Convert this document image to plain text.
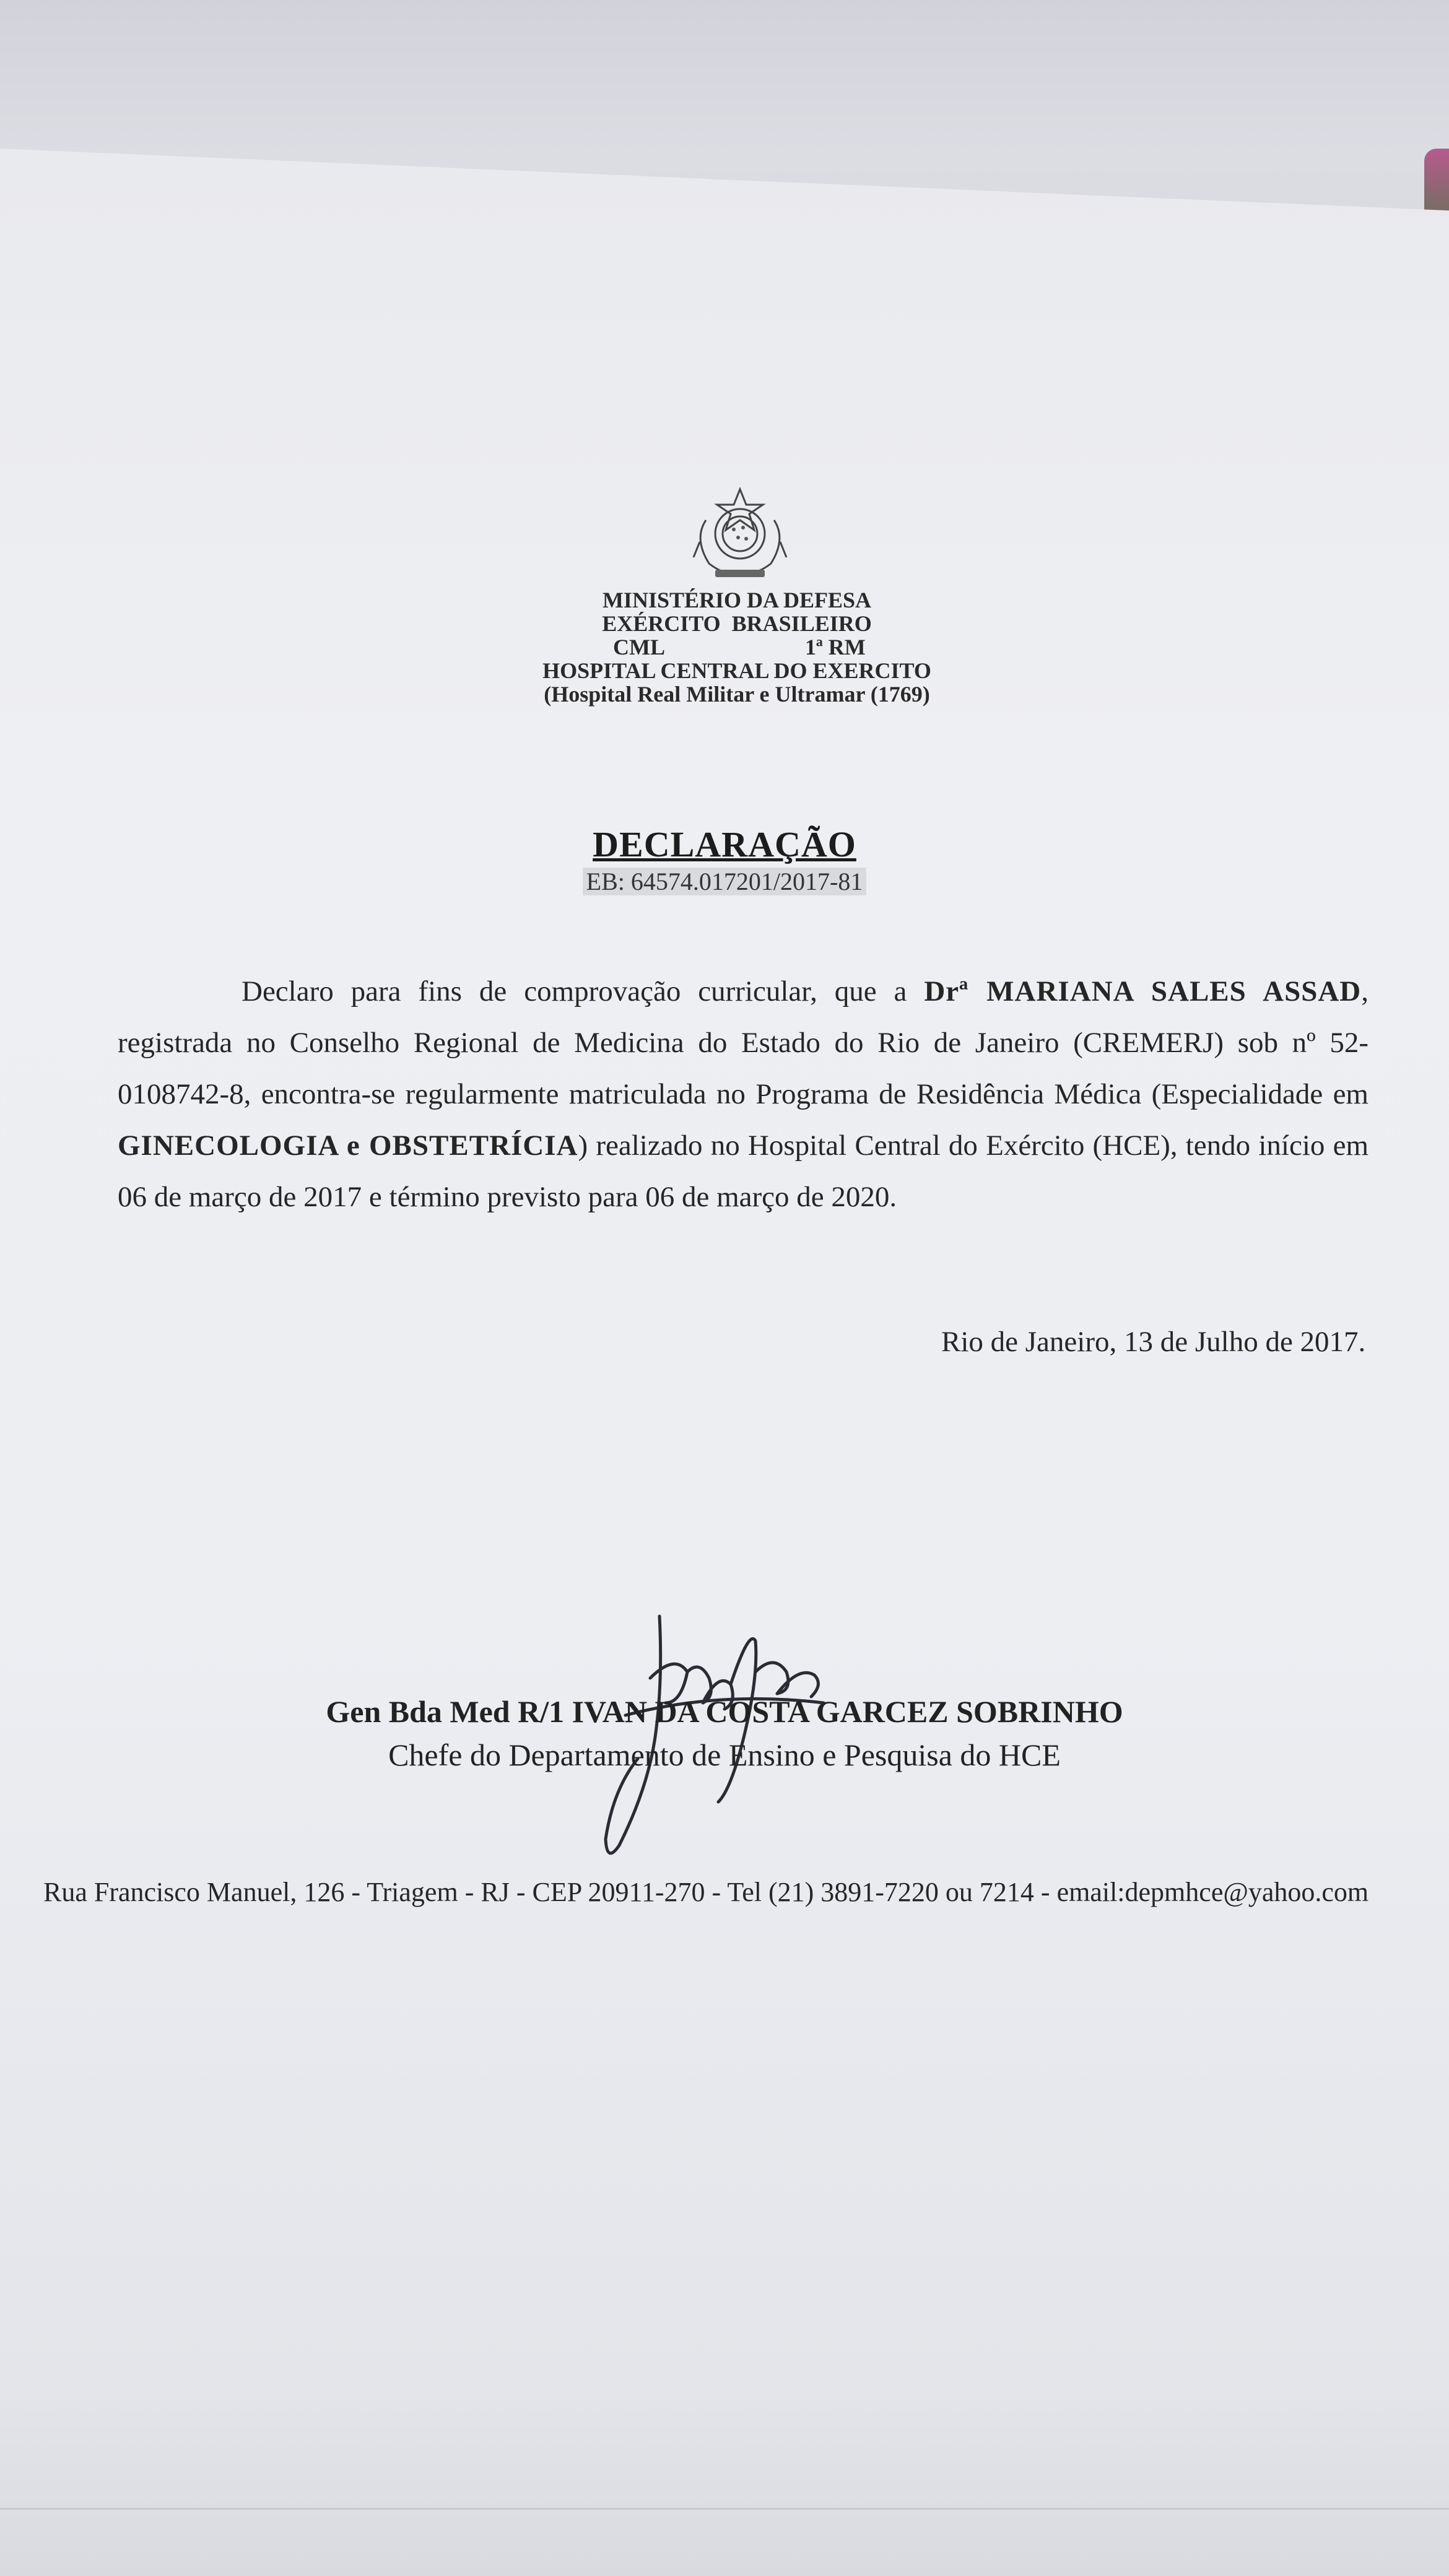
MINISTÉRIO DA DEFESA
EXÉRCITO  BRASILEIRO
CML	1ª RM
HOSPITAL CENTRAL DO EXERCITO
(Hospital Real Militar e Ultramar (1769)
DECLARAÇÃO
EB: 64574.017201/2017-81
Declaro para fins de comprovação curricular, que a Drª MARIANA SALES ASSAD, registrada no Conselho Regional de Medicina do Estado do Rio de Janeiro (CREMERJ) sob nº 52-0108742-8, encontra-se regularmente matriculada no Programa de Residência Médica (Especialidade em GINECOLOGIA e OBSTETRÍCIA) realizado no Hospital Central do Exército (HCE), tendo início em 06 de março de 2017 e término previsto para 06 de março de 2020.
Rio de Janeiro, 13 de Julho de 2017.
Gen Bda Med R/1 IVAN DA COSTA GARCEZ SOBRINHO
Chefe do Departamento de Ensino e Pesquisa do HCE
Rua Francisco Manuel, 126 - Triagem - RJ - CEP 20911-270 - Tel (21) 3891-7220 ou 7214 - email:depmhce@yahoo.com
